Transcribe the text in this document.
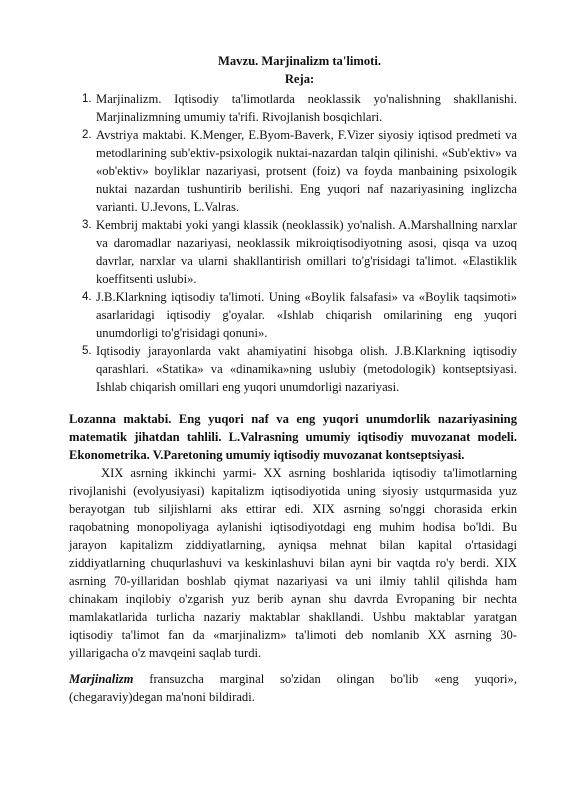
Mavzu. Marjinalizm ta'limoti.

Reja:

1. Marjinalizm. Iqtisodiy ta'limotlarda neoklassik yo'nalishning shakllanishi. Marjinalizmning umumiy ta'rifi. Rivojlanish bosqichlari.
2. Avstriya maktabi. K.Menger, E.Byom-Baverk, F.Vizer siyosiy iqtisod predmeti va metodlarining sub'ektiv-psixologik nuktai-nazardan talqin qilinishi. «Sub'ektiv» va «ob'ektiv» boyliklar nazariyasi, protsent (foiz) va foyda manbaining psixologik nuktai nazardan tushuntirib berilishi. Eng yuqori naf nazariyasining inglizcha varianti. U.Jevons, L.Valras.
3. Kembrij maktabi yoki yangi klassik (neoklassik) yo'nalish. A.Marshallning narxlar va daromadlar nazariyasi, neoklassik mikroiqtisodiyotning asosi, qisqa va uzoq davrlar, narxlar va ularni shakllantirish omillari to'g'risidagi ta'limot. «Elastiklik koeffitsenti uslubi».
4. J.B.Klarkning iqtisodiy ta'limoti. Uning «Boylik falsafasi» va «Boylik taqsimoti» asarlaridagi iqtisodiy g'oyalar. «Ishlab chiqarish omilarining eng yuqori unumdorligi to'g'risidagi qonuni».
5. Iqtisodiy jarayonlarda vakt ahamiyatini hisobga olish. J.B.Klarkning iqtisodiy qarashlari. «Statika» va «dinamika»ning uslubiy (metodologik) kontseptsiyasi. Ishlab chiqarish omillari eng yuqori unumdorligi nazariyasi.

Lozanna maktabi. Eng yuqori naf va eng yuqori unumdorlik nazariyasining matematik jihatdan tahlili. L.Valrasning umumiy iqtisodiy muvozanat modeli. Ekonometrika. V.Paretoning umumiy iqtisodiy muvozanat kontseptsiyasi.

XIX asrning ikkinchi yarmi- XX asrning boshlarida iqtisodiy ta'limotlarning rivojlanishi (evolyusiyasi) kapitalizm iqtisodiyotida uning siyosiy ustqurmasida yuz berayotgan tub siljishlarni aks ettirar edi. XIX asrning so'nggi chorasida erkin raqobatning monopoliyaga aylanishi iqtisodiyotdagi eng muhim hodisa bo'ldi. Bu jarayon kapitalizm ziddiyatlarning, ayniqsa mehnat bilan kapital o'rtasidagi ziddiyatlarning chuqurlashuvi va keskinlashuvi bilan ayni bir vaqtda ro'y berdi. XIX asrning 70-yillaridan boshlab qiymat nazariyasi va uni ilmiy tahlil qilishda ham chinakam inqilobiy o'zgarish yuz berib aynan shu davrda Evropaning bir nechta mamlakatlarida turlicha nazariy maktablar shakllandi. Ushbu maktablar yaratgan iqtisodiy ta'limot fan da «marjinalizm» ta'limoti deb nomlanib XX asrning 30-yillarigacha o'z mavqeini saqlab turdi.

Marjinalizm fransuzcha marginal so'zidan olingan bo'lib «eng yuqori», (chegaraviy)degan ma'noni bildiradi.
